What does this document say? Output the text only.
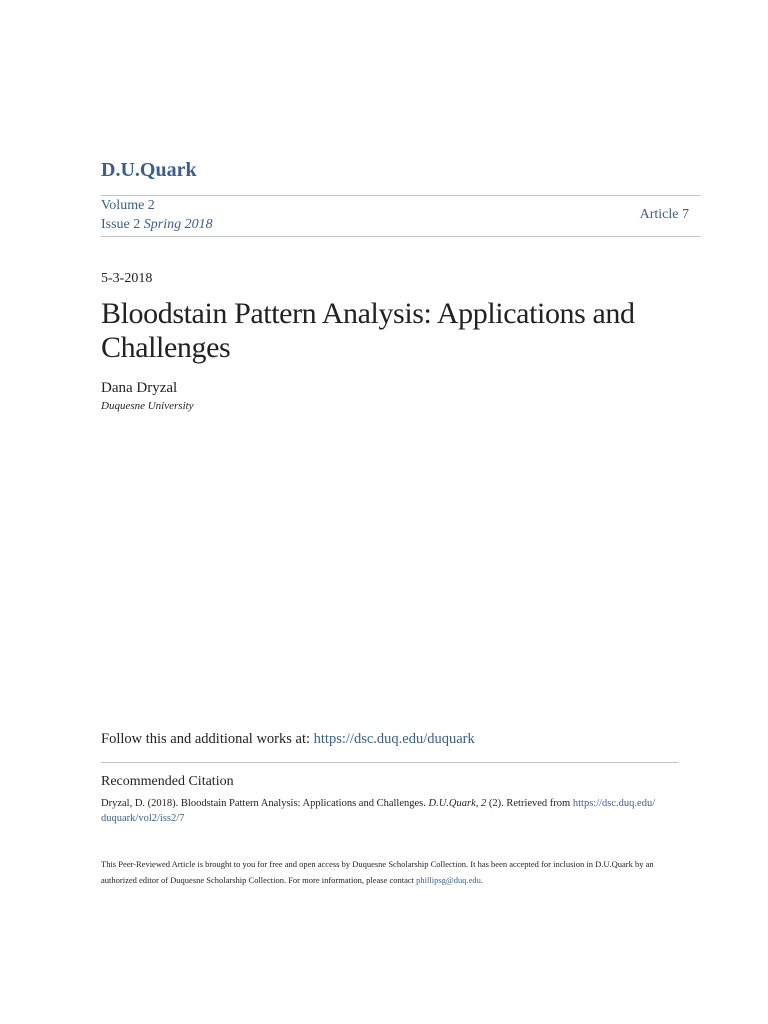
D.U.Quark
Volume 2
Issue 2 Spring 2018
Article 7
5-3-2018
Bloodstain Pattern Analysis: Applications and Challenges
Dana Dryzal
Duquesne University
Follow this and additional works at: https://dsc.duq.edu/duquark
Recommended Citation
Dryzal, D. (2018). Bloodstain Pattern Analysis: Applications and Challenges. D.U.Quark, 2 (2). Retrieved from https://dsc.duq.edu/
duquark/vol2/iss2/7
This Peer-Reviewed Article is brought to you for free and open access by Duquesne Scholarship Collection. It has been accepted for inclusion in D.U.Quark by an authorized editor of Duquesne Scholarship Collection. For more information, please contact phillipsg@duq.edu.
